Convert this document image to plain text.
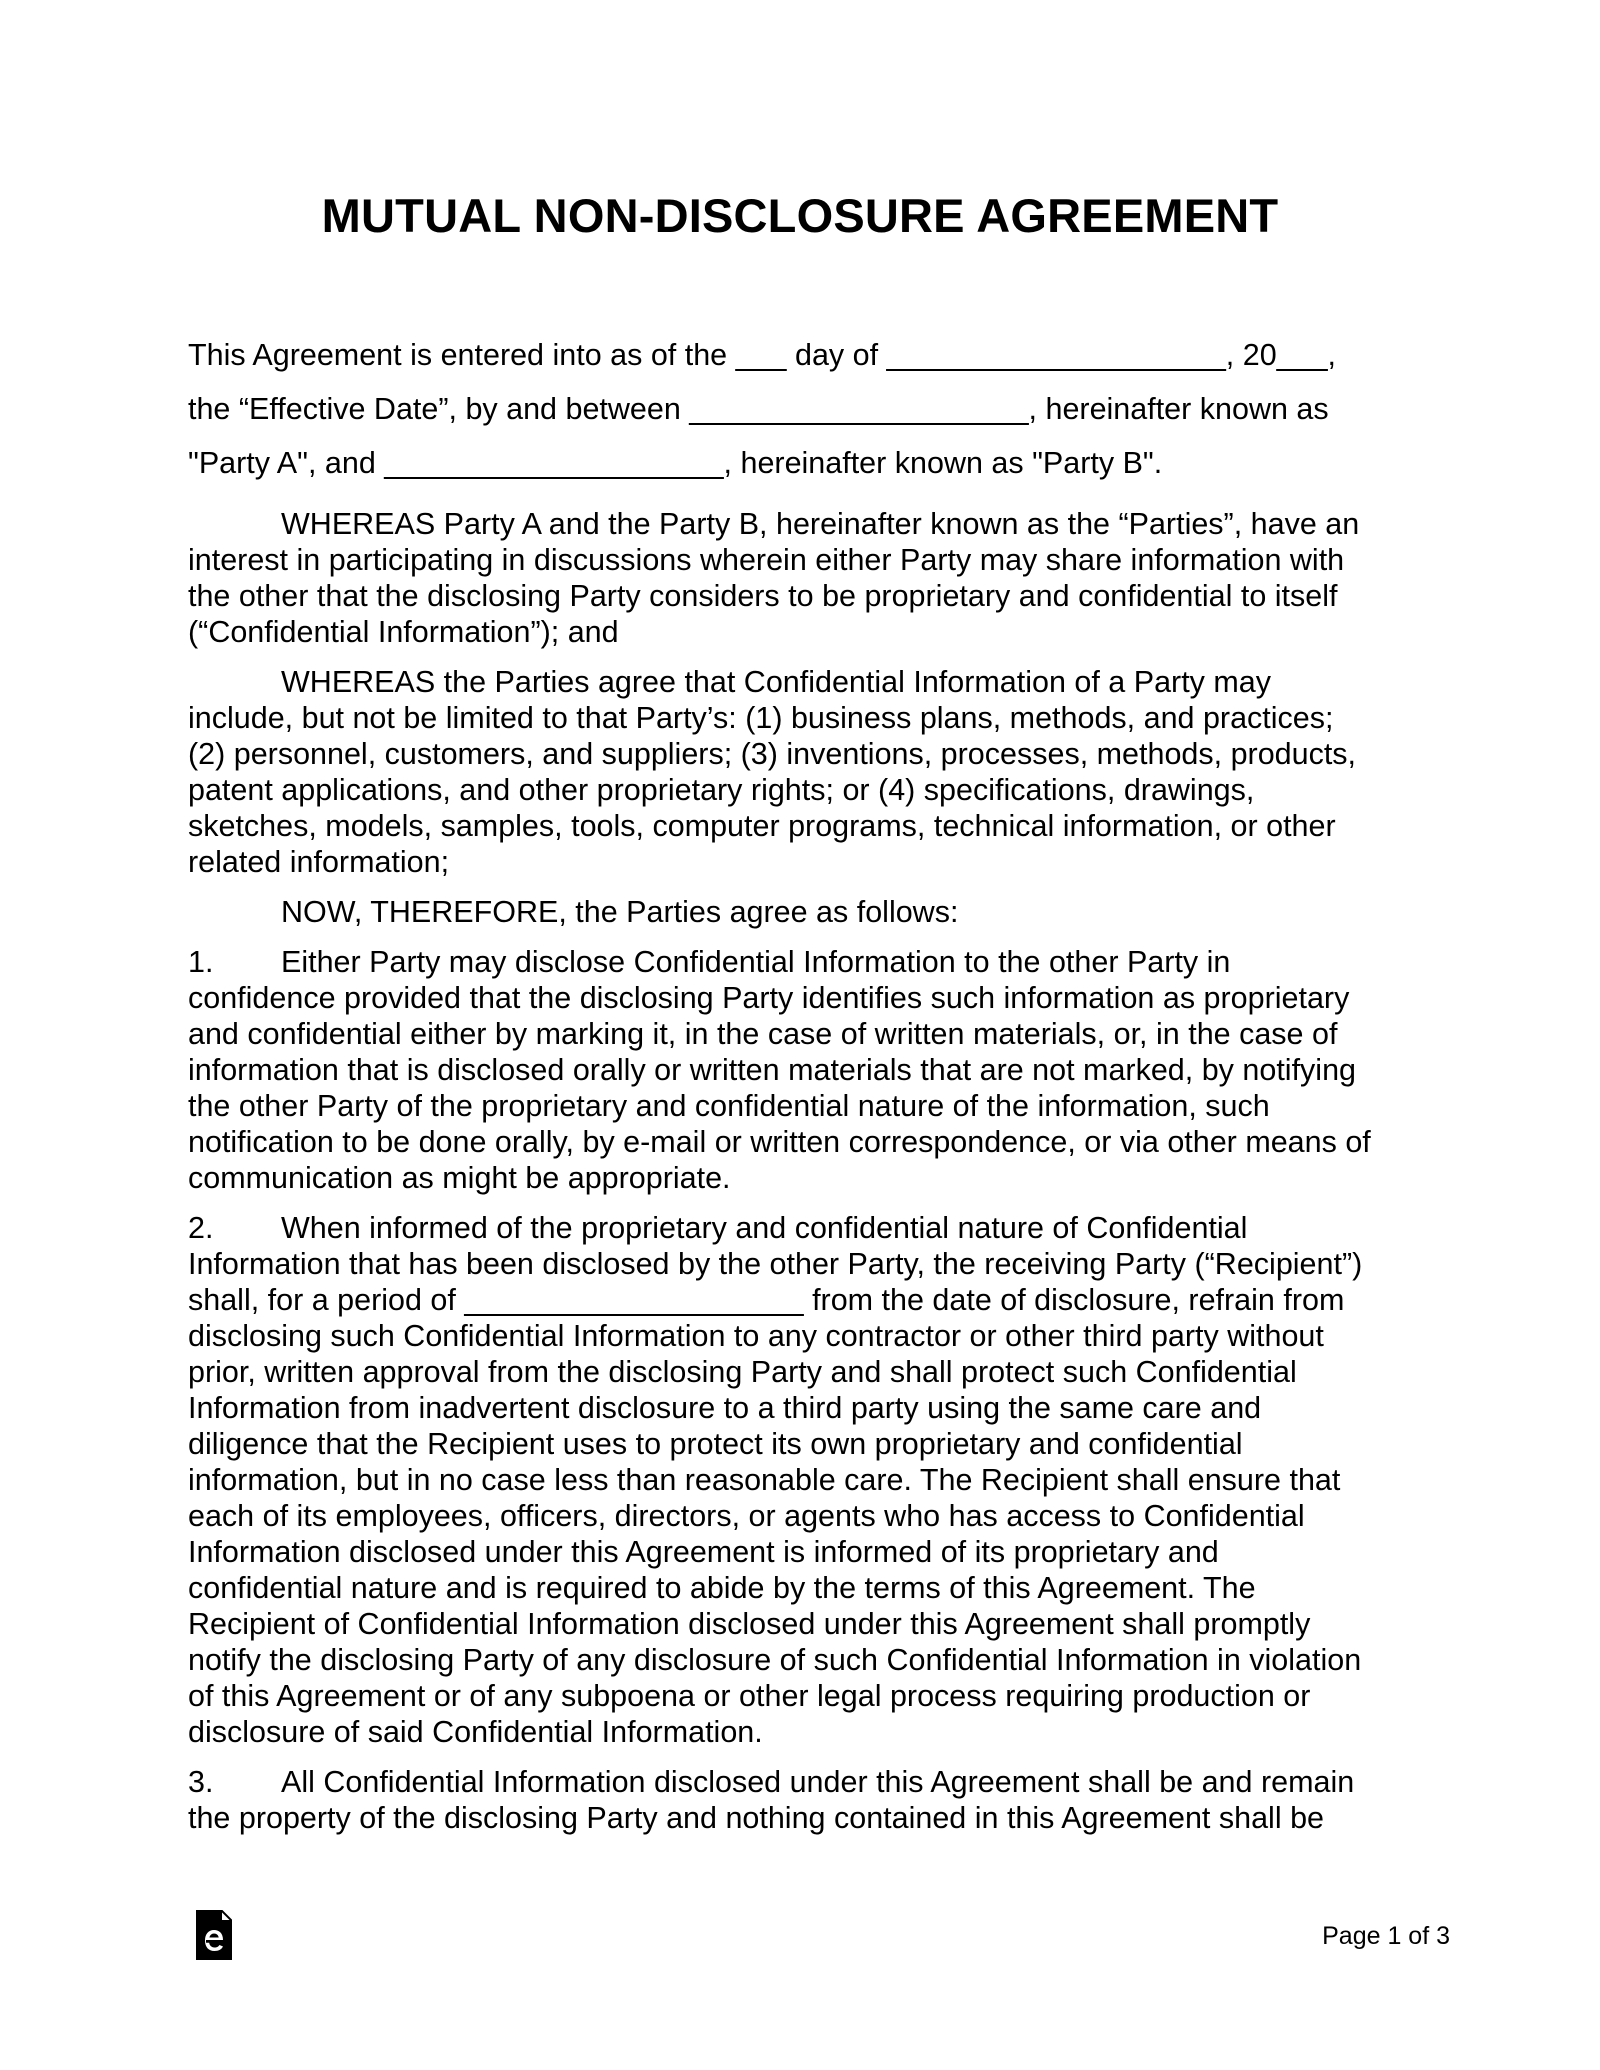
MUTUAL NON-DISCLOSURE AGREEMENT
This Agreement is entered into as of the ___ day of ____________________, 20___,
the “Effective Date”, by and between ____________________, hereinafter known as
"Party A", and ____________________, hereinafter known as "Party B".
WHEREAS Party A and the Party B, hereinafter known as the “Parties”, have an
interest in participating in discussions wherein either Party may share information with
the other that the disclosing Party considers to be proprietary and confidential to itself
(“Confidential Information”); and
WHEREAS the Parties agree that Confidential Information of a Party may
include, but not be limited to that Party’s: (1) business plans, methods, and practices;
(2) personnel, customers, and suppliers; (3) inventions, processes, methods, products,
patent applications, and other proprietary rights; or (4) specifications, drawings,
sketches, models, samples, tools, computer programs, technical information, or other
related information;
NOW, THEREFORE, the Parties agree as follows:
1. Either Party may disclose Confidential Information to the other Party in
confidence provided that the disclosing Party identifies such information as proprietary
and confidential either by marking it, in the case of written materials, or, in the case of
information that is disclosed orally or written materials that are not marked, by notifying
the other Party of the proprietary and confidential nature of the information, such
notification to be done orally, by e-mail or written correspondence, or via other means of
communication as might be appropriate.
2. When informed of the proprietary and confidential nature of Confidential
Information that has been disclosed by the other Party, the receiving Party (“Recipient”)
shall, for a period of ____________________ from the date of disclosure, refrain from
disclosing such Confidential Information to any contractor or other third party without
prior, written approval from the disclosing Party and shall protect such Confidential
Information from inadvertent disclosure to a third party using the same care and
diligence that the Recipient uses to protect its own proprietary and confidential
information, but in no case less than reasonable care. The Recipient shall ensure that
each of its employees, officers, directors, or agents who has access to Confidential
Information disclosed under this Agreement is informed of its proprietary and
confidential nature and is required to abide by the terms of this Agreement. The
Recipient of Confidential Information disclosed under this Agreement shall promptly
notify the disclosing Party of any disclosure of such Confidential Information in violation
of this Agreement or of any subpoena or other legal process requiring production or
disclosure of said Confidential Information.
3. All Confidential Information disclosed under this Agreement shall be and remain
the property of the disclosing Party and nothing contained in this Agreement shall be
Page 1 of 3
